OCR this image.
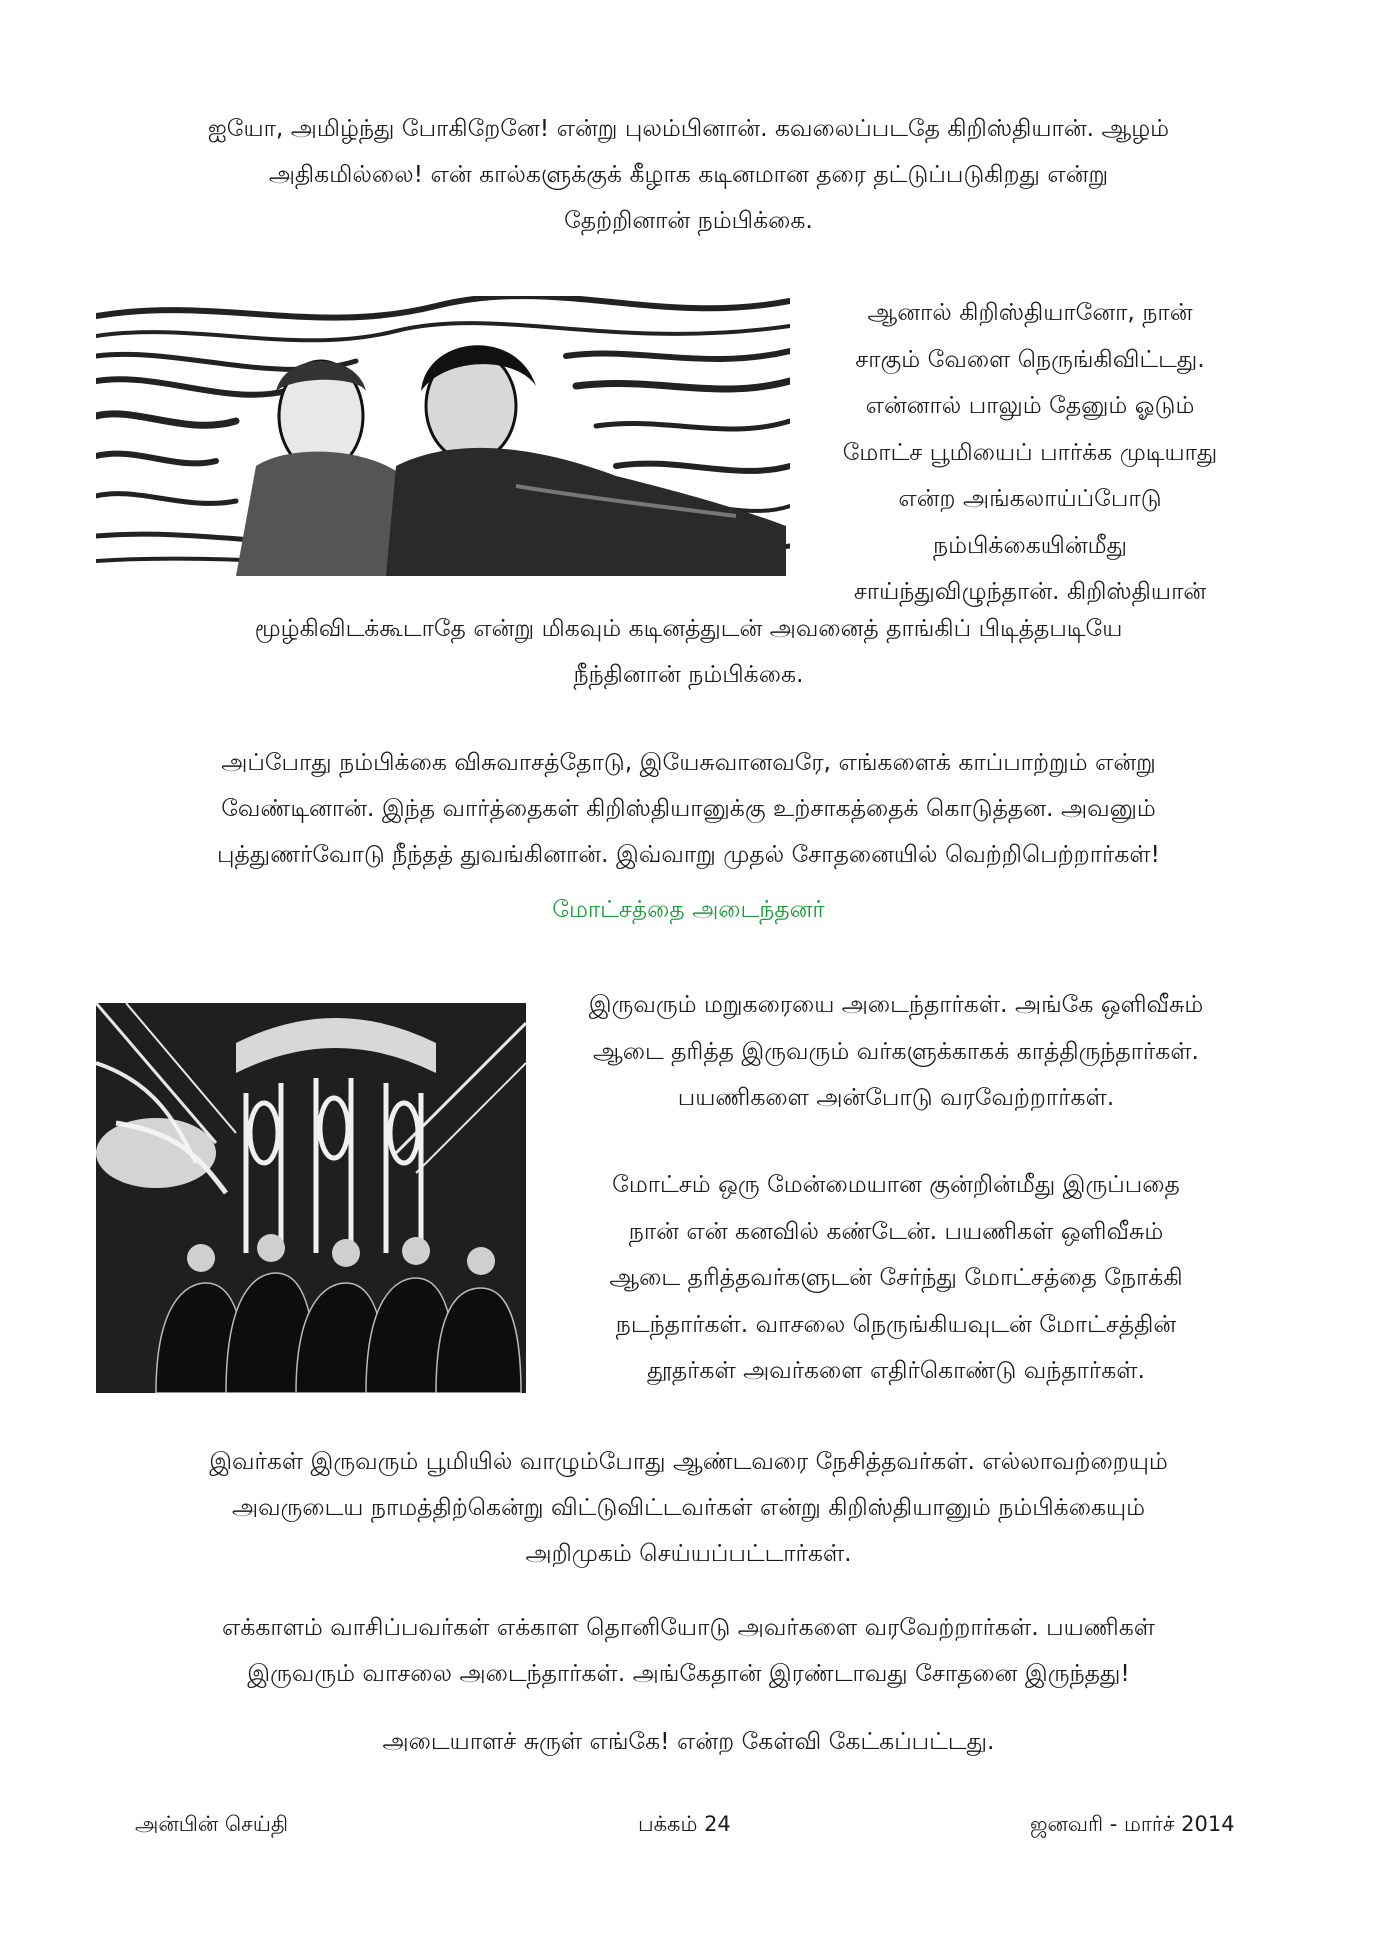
ஐயோ, அமிழ்ந்து போகிறேனே! என்று புலம்பினான். கவலைப்படதே கிறிஸ்தியான். ஆழம்
அதிகமில்லை! என் கால்களுக்குக் கீழாக கடினமான தரை தட்டுப்படுகிறது என்று
தேற்றினான் நம்பிக்கை.

ஆனால் கிறிஸ்தியானோ, நான்
சாகும் வேளை நெருங்கிவிட்டது.
என்னால் பாலும் தேனும் ஓடும்
மோட்ச பூமியைப் பார்க்க முடியாது
என்ற அங்கலாய்ப்போடு
நம்பிக்கையின்மீது
சாய்ந்துவிழுந்தான். கிறிஸ்தியான்

மூழ்கிவிடக்கூடாதே என்று மிகவும் கடினத்துடன் அவனைத் தாங்கிப் பிடித்தபடியே
நீந்தினான் நம்பிக்கை.

அப்போது நம்பிக்கை விசுவாசத்தோடு, இயேசுவானவரே, எங்களைக் காப்பாற்றும் என்று
வேண்டினான். இந்த வார்த்தைகள் கிறிஸ்தியானுக்கு உற்சாகத்தைக் கொடுத்தன. அவனும்
புத்துணர்வோடு நீந்தத் துவங்கினான். இவ்வாறு முதல் சோதனையில் வெற்றிபெற்றார்கள்!

மோட்சத்தை அடைந்தனர்

இருவரும் மறுகரையை அடைந்தார்கள். அங்கே ஒளிவீசும்
ஆடை தரித்த இருவரும் வர்களுக்காகக் காத்திருந்தார்கள்.
பயணிகளை அன்போடு வரவேற்றார்கள்.

மோட்சம் ஒரு மேன்மையான குன்றின்மீது இருப்பதை
நான் என் கனவில் கண்டேன். பயணிகள் ஒளிவீசும்
ஆடை தரித்தவர்களுடன் சேர்ந்து மோட்சத்தை நோக்கி
நடந்தார்கள். வாசலை நெருங்கியவுடன் மோட்சத்தின்
தூதர்கள் அவர்களை எதிர்கொண்டு வந்தார்கள்.

இவர்கள் இருவரும் பூமியில் வாழும்போது ஆண்டவரை நேசித்தவர்கள். எல்லாவற்றையும்
அவருடைய நாமத்திற்கென்று விட்டுவிட்டவர்கள் என்று கிறிஸ்தியானும் நம்பிக்கையும்
அறிமுகம் செய்யப்பட்டார்கள்.

எக்காளம் வாசிப்பவர்கள் எக்காள தொனியோடு அவர்களை வரவேற்றார்கள். பயணிகள்
இருவரும் வாசலை அடைந்தார்கள். அங்கேதான் இரண்டாவது சோதனை இருந்தது!

அடையாளச் சுருள் எங்கே! என்ற கேள்வி கேட்கப்பட்டது.

அன்பின் செய்தி	பக்கம் 24	ஜனவரி - மார்ச் 2014
